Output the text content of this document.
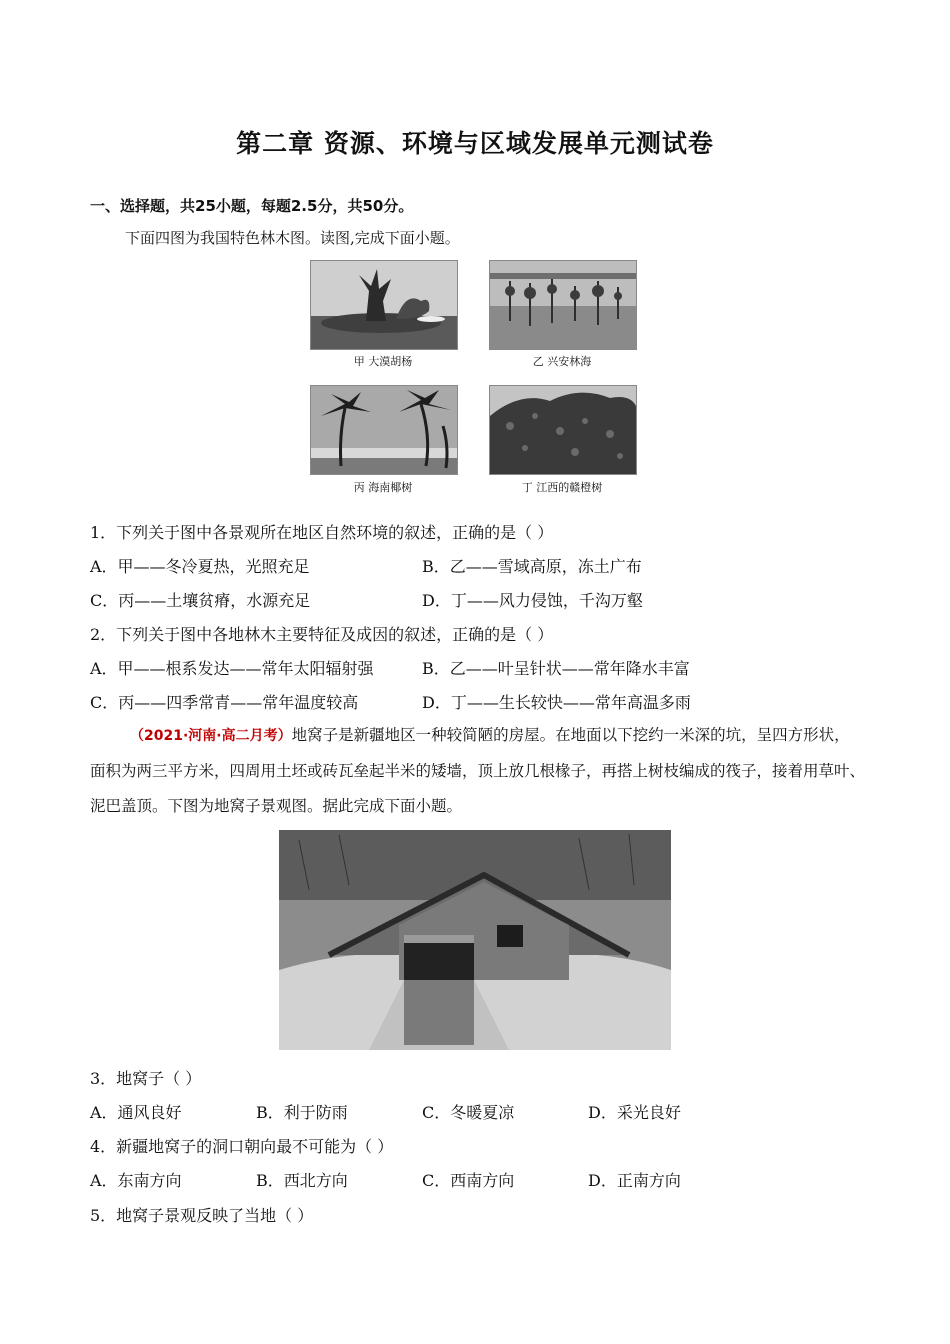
第二章 资源、环境与区域发展单元测试卷
一、选择题，共25小题，每题2.5分，共50分。
下面四图为我国特色林木图。读图,完成下面小题。
甲 大漠胡杨	乙 兴安林海
丙 海南椰树	丁 江西的赣橙树
1．下列关于图中各景观所在地区自然环境的叙述，正确的是（ ）
A．甲——冬冷夏热，光照充足	B．乙——雪域高原，冻土广布
C．丙——土壤贫瘠，水源充足	D．丁——风力侵蚀，千沟万壑
2．下列关于图中各地林木主要特征及成因的叙述，正确的是（ ）
A．甲——根系发达——常年太阳辐射强	B．乙——叶呈针状——常年降水丰富
C．丙——四季常青——常年温度较高	D．丁——生长较快——常年高温多雨
（2021·河南·高二月考）地窝子是新疆地区一种较简陋的房屋。在地面以下挖约一米深的坑，呈四方形状，面积为两三平方米，四周用土坯或砖瓦垒起半米的矮墙，顶上放几根椽子，再搭上树枝编成的筏子，接着用草叶、泥巴盖顶。下图为地窝子景观图。据此完成下面小题。
3．地窝子（ ）
A．通风良好	B．利于防雨	C．冬暖夏凉	D．采光良好
4．新疆地窝子的洞口朝向最不可能为（ ）
A．东南方向	B．西北方向	C．西南方向	D．正南方向
5．地窝子景观反映了当地（ ）
